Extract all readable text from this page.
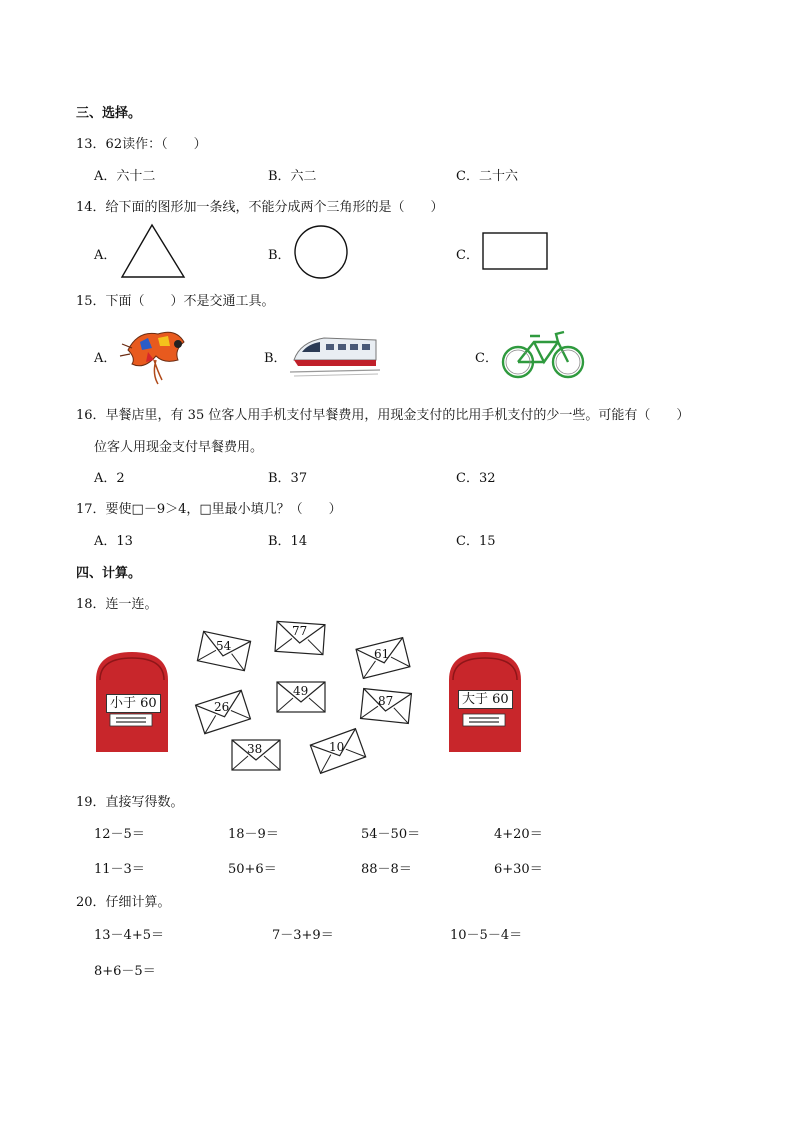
三、选择。
13．62读作：（　　）
A．六十二	B．六二	C．二十六
14．给下面的图形加一条线，不能分成两个三角形的是（　　）
A．	B．	C．
15．下面（　　）不是交通工具。
A．	B．	C．
16．早餐店里，有 35 位客人用手机支付早餐费用，用现金支付的比用手机支付的少一些。可能有（　　）
位客人用现金支付早餐费用。
A．2	B．37	C．32
17．要使□－9＞4，□里最小填几？（　　）
A．13	B．14	C．15
四、计算。
18．连一连。
小于 60	大于 60
54
77
61
49
26	87
38	10
19．直接写得数。
12－5＝	18－9＝	54－50＝	4+20＝
11－3＝	50+6＝	88－8＝	6+30＝
20．仔细计算。
13－4+5＝	7－3+9＝	10－5－4＝
8+6－5＝
